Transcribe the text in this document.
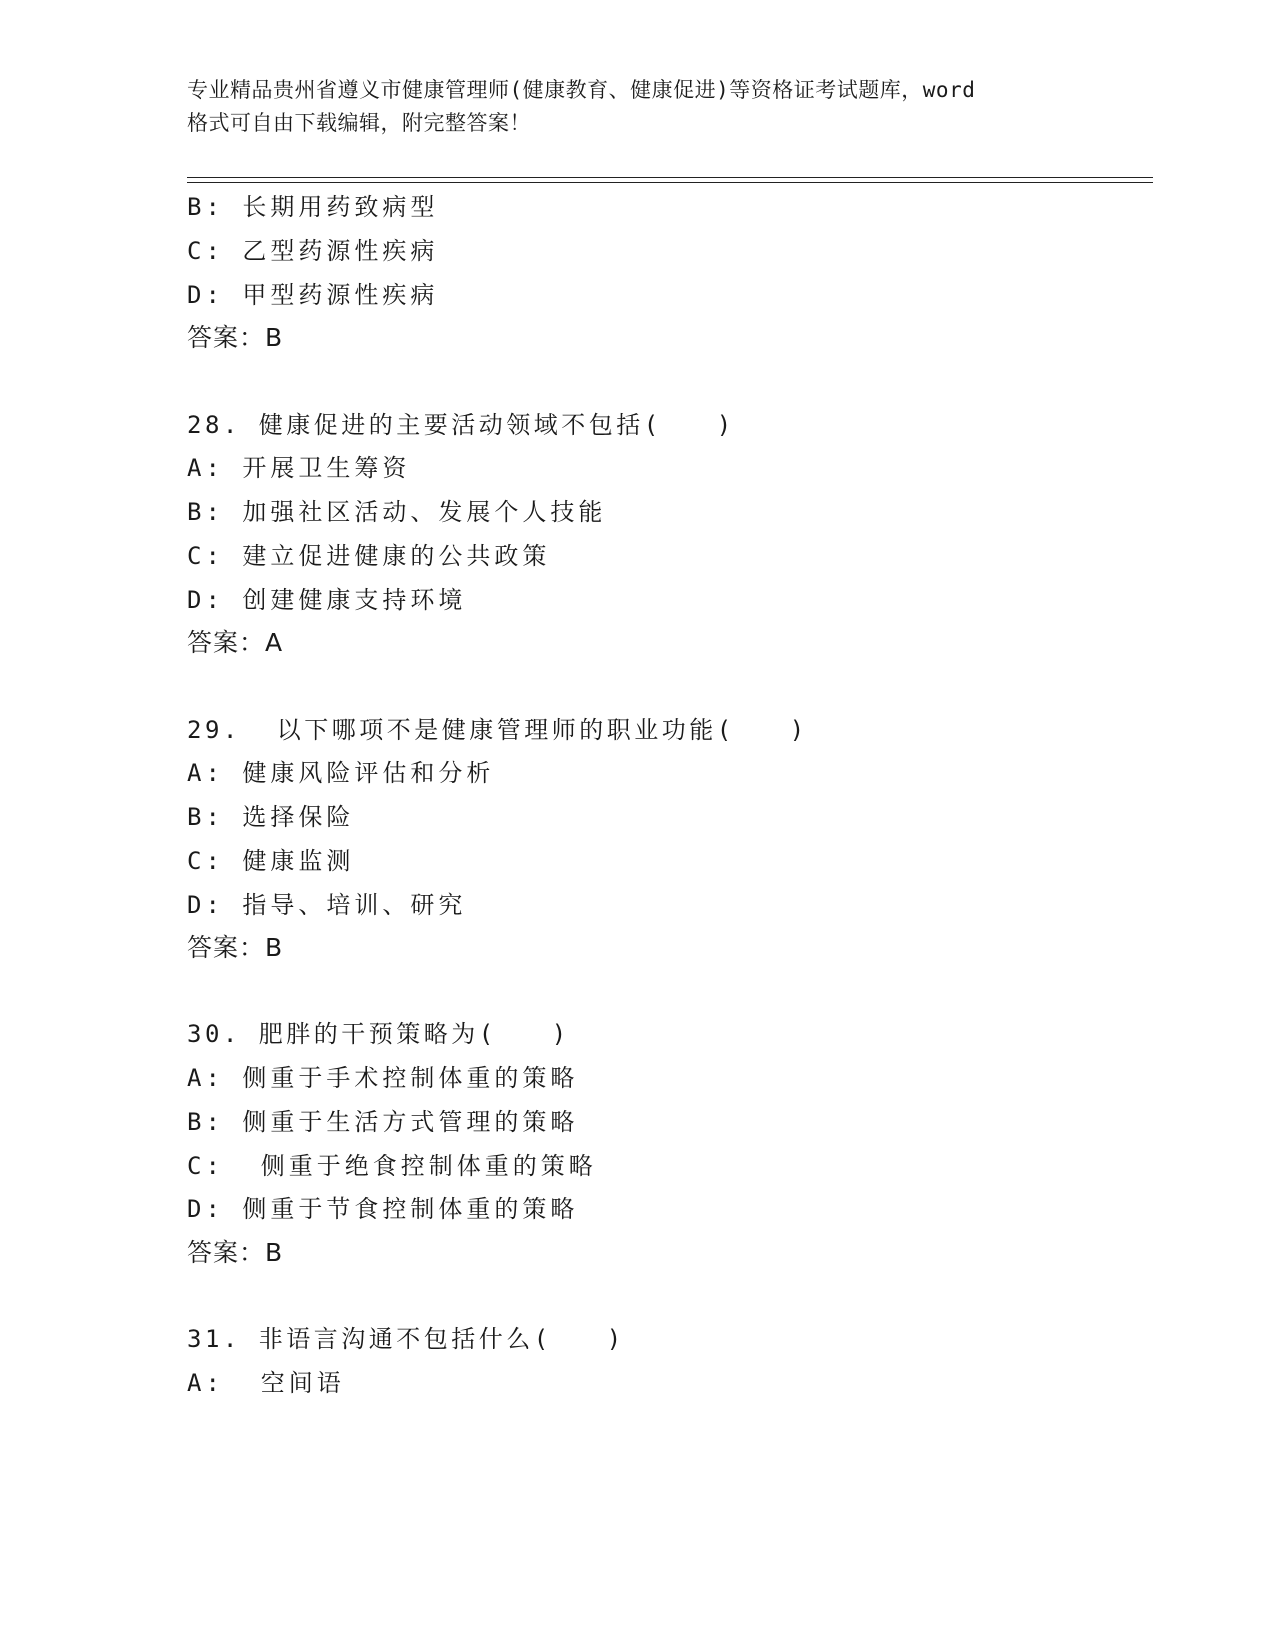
专业精品贵州省遵义市健康管理师(健康教育、健康促进)等资格证考试题库，word
格式可自由下载编辑，附完整答案！
B: 长期用药致病型
C: 乙型药源性疾病
D: 甲型药源性疾病
答案：B
28. 健康促进的主要活动领域不包括(　　)
A: 开展卫生筹资
B: 加强社区活动、发展个人技能
C: 建立促进健康的公共政策
D: 创建健康支持环境
答案：A
29.  以下哪项不是健康管理师的职业功能(　　)
A: 健康风险评估和分析
B: 选择保险
C: 健康监测
D: 指导、培训、研究
答案：B
30. 肥胖的干预策略为(　　)
A: 侧重于手术控制体重的策略
B: 侧重于生活方式管理的策略
C:  侧重于绝食控制体重的策略
D: 侧重于节食控制体重的策略
答案：B
31. 非语言沟通不包括什么(　　)
A:  空间语
